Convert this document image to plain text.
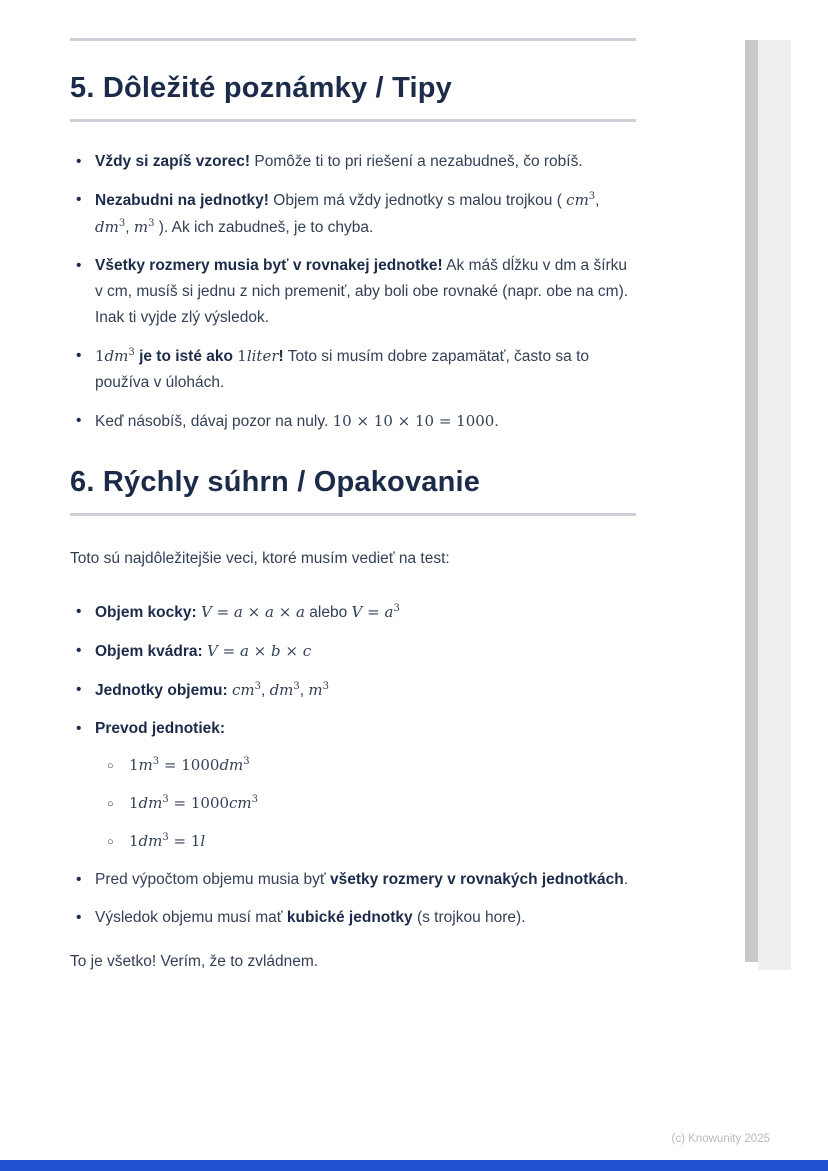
5. Dôležité poznámky / Tipy
• Vždy si zapíš vzorec! Pomôže ti to pri riešení a nezabudneš, čo robíš.
• Nezabudni na jednotky! Objem má vždy jednotky s malou trojkou ( $cm^3$, $dm^3$, $m^3$ ). Ak ich zabudneš, je to chyba.
• Všetky rozmery musia byť v rovnakej jednotke! Ak máš dĺžku v dm a šírku v cm, musíš si jednu z nich premeniť, aby boli obe rovnaké (napr. obe na cm). Inak ti vyjde zlý výsledok.
• $1dm^3$ je to isté ako 1liter! Toto si musím dobre zapamätať, často sa to používa v úlohách.
• Keď násobíš, dávaj pozor na nuly. 10 × 10 × 10 = 1000.
6. Rýchly súhrn / Opakovanie

Toto sú najdôležitejšie veci, ktoré musím vedieť na test:

• Objem kocky: V = a × a × a alebo $V = a^3$
• Objem kvádra: V = a × b × c
• Jednotky objemu: $cm^3$, $dm^3$, $m^3$
• Prevod jednotiek:
○ $1m^3 = 1000dm^3$
○ $1dm^3 = 1000cm^3$
○ $1dm^3 = 1l$
• Pred výpočtom objemu musia byť všetky rozmery v rovnakých jednotkách.
• Výsledok objemu musí mať kubické jednotky (s trojkou hore).

To je všetko! Verím, že to zvládnem.

(c) Knowunity 2025
